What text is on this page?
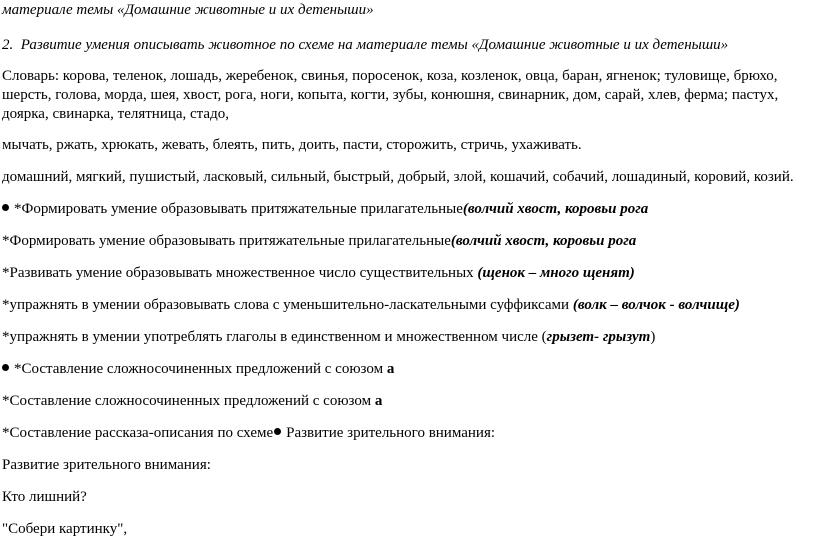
материале темы «Домашние животные и их детеныши»
2. Развитие умения описывать животное по схеме на материале темы «Домашние животные и их детеныши»
Словарь: корова, теленок, лошадь, жеребенок, свинья, поросенок, коза, козленок, овца, баран, ягненок; туловище, брюхо,
шерсть, голова, морда, шея, хвост, рога, ноги, копыта, когти, зубы, конюшня, свинарник, дом, сарай, хлев, ферма; пастух,
доярка, свинарка, телятница, стадо,
мычать, ржать, хрюкать, жевать, блеять, пить, доить, пасти, сторожить, стричь, ухаживать.
домашний, мягкий, пушистый, ласковый, сильный, быстрый, добрый, злой, кошачий, собачий, лошадиный, коровий, козий.
*Формировать умение образовывать притяжательные прилагательные(волчий хвост, коровьи рога
*Формировать умение образовывать притяжательные прилагательные(волчий хвост, коровьи рога
*Развивать умение образовывать множественное число существительных (щенок – много щенят)
*упражнять в умении образовывать слова с уменьшительно-ласкательными суффиксами (волк – волчок - волчище)
*упражнять в умении употреблять глаголы в единственном и множественном числе (грызет- грызут)
*Составление сложносочиненных предложений с союзом а
*Составление сложносочиненных предложений с союзом а
*Составление рассказа-описания по схеме Развитие зрительного внимания:
Развитие зрительного внимания:
Кто лишний?
"Собери картинку",
